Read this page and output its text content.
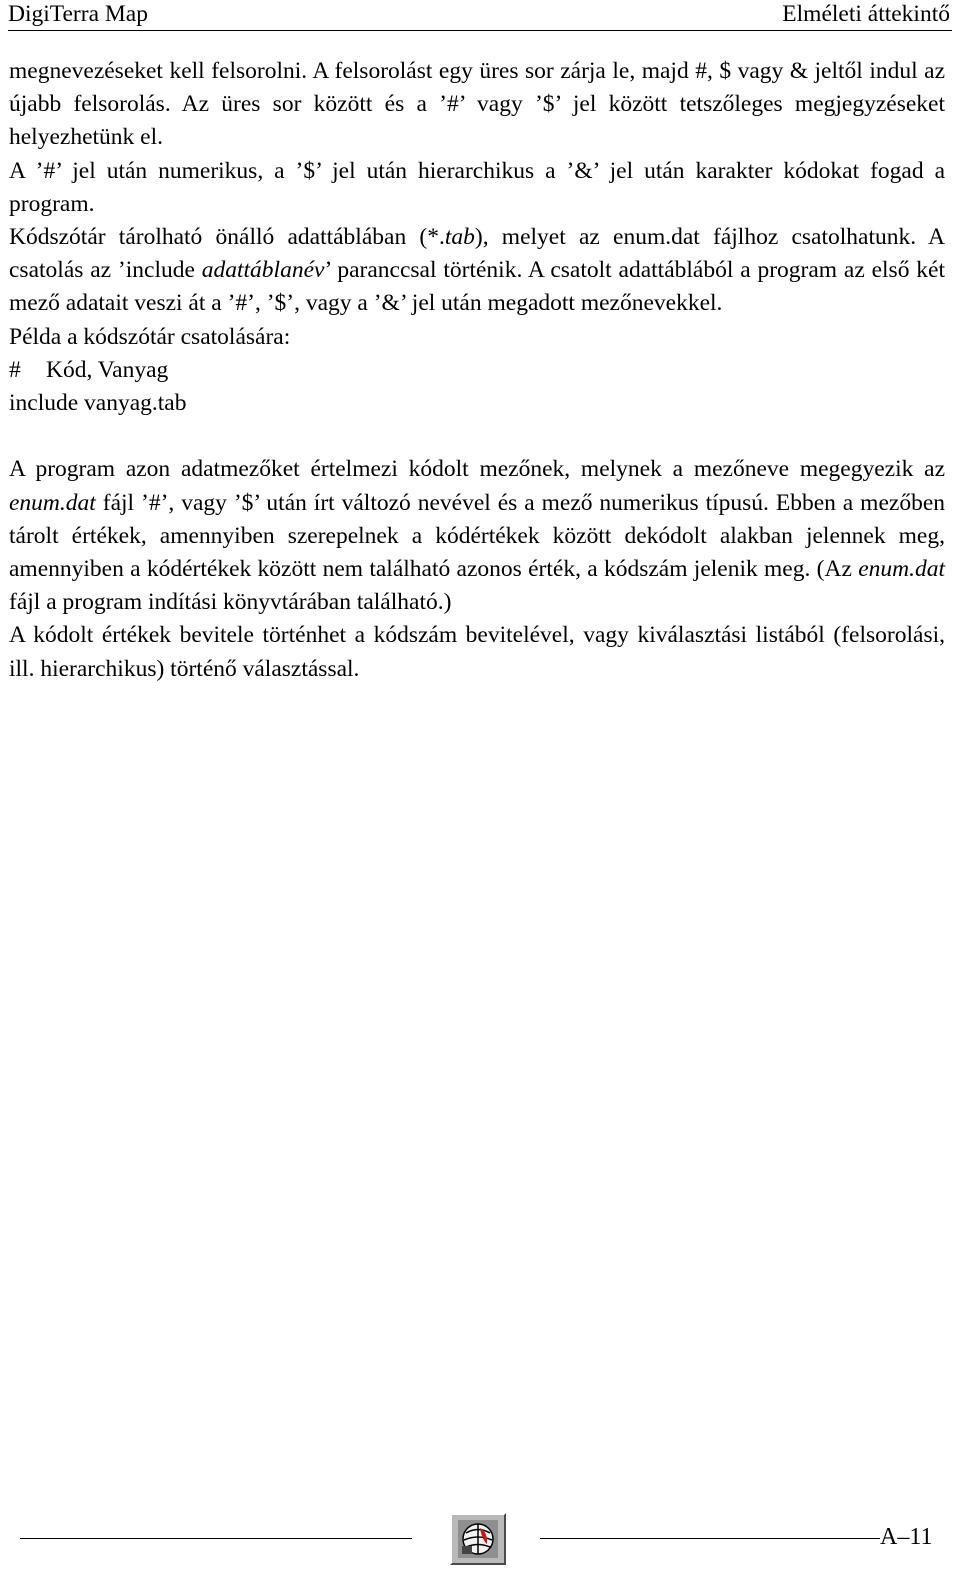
DigiTerra Map	Elméleti áttekintő

megnevezéseket kell felsorolni. A felsorolást egy üres sor zárja le, majd #, $ vagy & jeltől indul az újabb felsorolás. Az üres sor között és a ’#’ vagy ’$’ jel között tetszőleges megjegyzéseket helyezhetünk el.

A ’#’ jel után numerikus, a ’$’ jel után hierarchikus a ’&’ jel után karakter kódokat fogad a program.

Kódszótár tárolható önálló adattáblában (*.tab), melyet az enum.dat fájlhoz csatolhatunk. A csatolás az ’include adattáblanév’ paranccsal történik. A csatolt adattáblából a program az első két mező adatait veszi át a ’#’, ’$’, vagy a ’&’ jel után megadott mezőnevekkel.

Példa a kódszótár csatolására:

# Kód, Vanyag

include vanyag.tab

A program azon adatmezőket értelmezi kódolt mezőnek, melynek a mezőneve megegyezik az enum.dat fájl ’#’, vagy ’$’ után írt változó nevével és a mező numerikus típusú. Ebben a mezőben tárolt értékek, amennyiben szerepelnek a kódértékek között dekódolt alakban jelennek meg, amennyiben a kódértékek között nem található azonos érték, a kódszám jelenik meg. (Az enum.dat fájl a program indítási könyvtárában található.)

A kódolt értékek bevitele történhet a kódszám bevitelével, vagy kiválasztási listából (felsorolási, ill. hierarchikus) történő választással.

A–11
